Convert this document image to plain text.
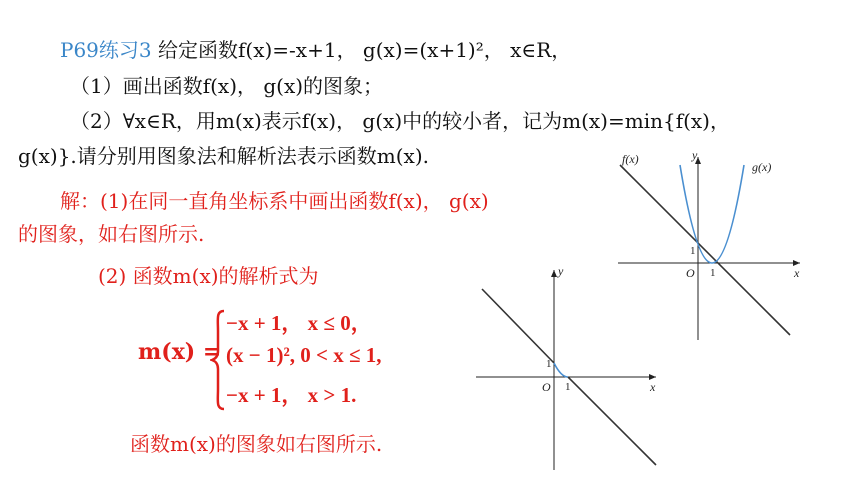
P69练习3 给定函数f(x)=-x+1， g(x)=(x+1)²， x∈R，
（1）画出函数f(x)， g(x)的图象；
（2）∀x∈R，用m(x)表示f(x)， g(x)中的较小者，记为m(x)=min{f(x)，
g(x)}.请分别用图象法和解析法表示函数m(x).
解：(1)在同一直角坐标系中画出函数f(x)， g(x)
的图象，如右图所示.
(2) 函数m(x)的解析式为
m(x) =
−x + 1， x ≤ 0，
(x − 1)², 0 < x ≤ 1,
−x + 1， x > 1.
函数m(x)的图象如右图所示.
f(x)
g(x)
y
x
O 1
1
y
x
O 1
1
